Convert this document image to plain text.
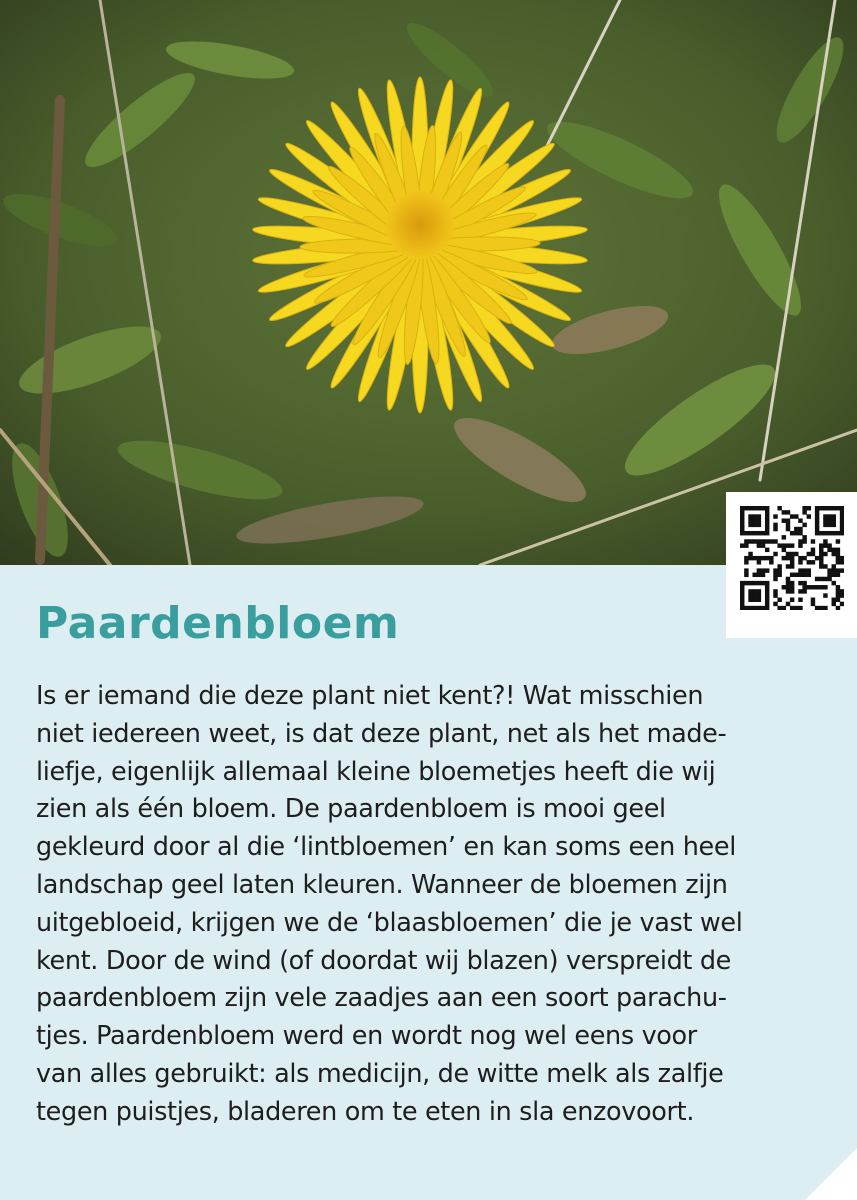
Paardenbloem
Is er iemand die deze plant niet kent?! Wat misschien
niet iedereen weet, is dat deze plant, net als het made-
liefje, eigenlijk allemaal kleine bloemetjes heeft die wij
zien als één bloem. De paardenbloem is mooi geel
gekleurd door al die ‘lintbloemen’ en kan soms een heel
landschap geel laten kleuren. Wanneer de bloemen zijn
uitgebloeid, krijgen we de ‘blaasbloemen’ die je vast wel
kent. Door de wind (of doordat wij blazen) verspreidt de
paardenbloem zijn vele zaadjes aan een soort parachu-
tjes. Paardenbloem werd en wordt nog wel eens voor
van alles gebruikt: als medicijn, de witte melk als zalfje
tegen puistjes, bladeren om te eten in sla enzovoort.
